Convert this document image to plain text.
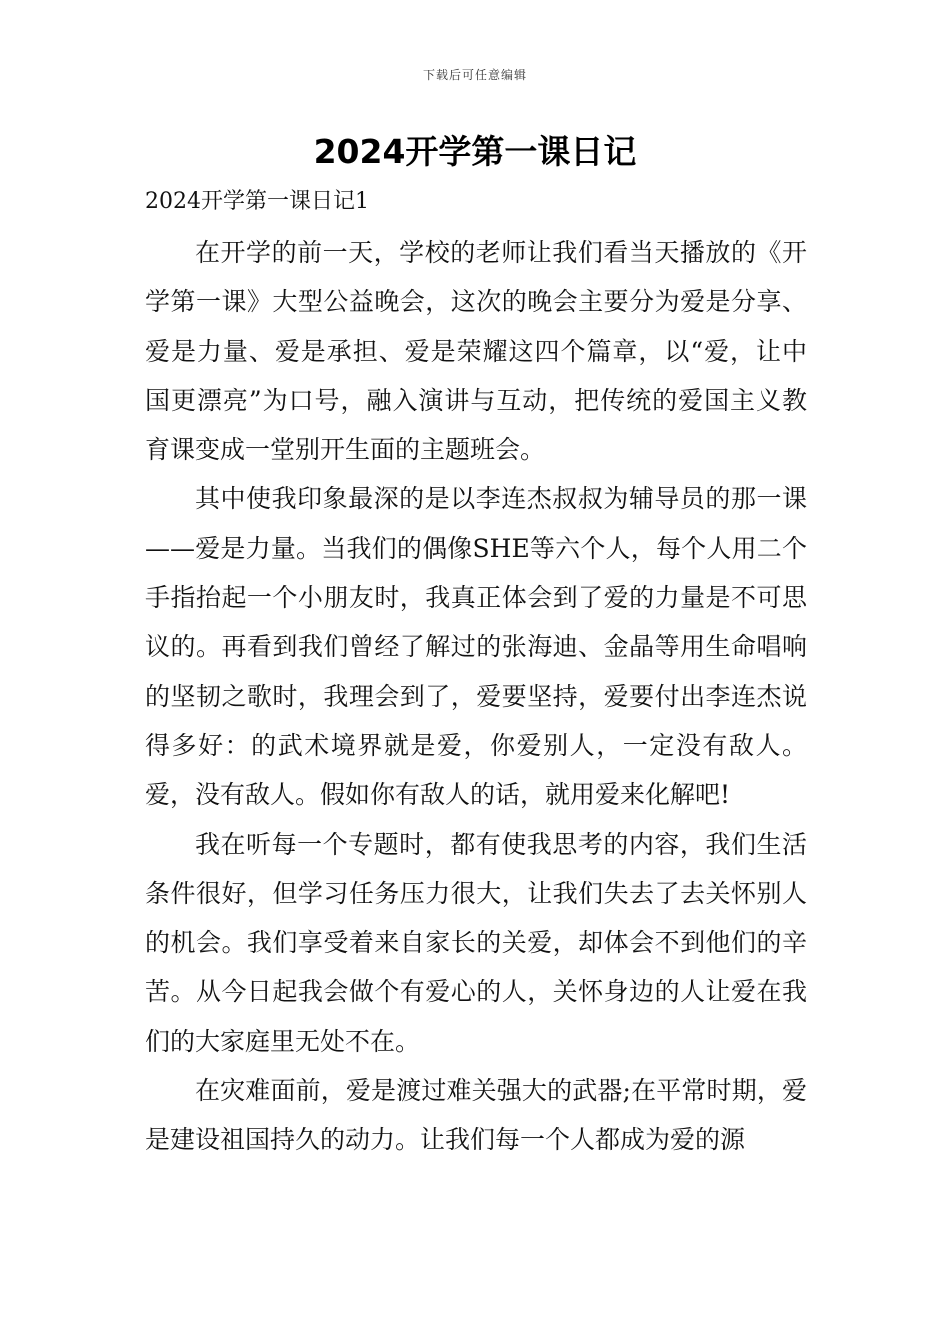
下载后可任意编辑
2024开学第一课日记
2024开学第一课日记1

在开学的前一天，学校的老师让我们看当天播放的《开学第一课》大型公益晚会，这次的晚会主要分为爱是分享、爱是力量、爱是承担、爱是荣耀这四个篇章，以“爱，让中国更漂亮”为口号，融入演讲与互动，把传统的爱国主义教育课变成一堂别开生面的主题班会。

其中使我印象最深的是以李连杰叔叔为辅导员的那一课——爱是力量。当我们的偶像SHE等六个人，每个人用二个手指抬起一个小朋友时，我真正体会到了爱的力量是不可思议的。再看到我们曾经了解过的张海迪、金晶等用生命唱响的坚韧之歌时，我理会到了，爱要坚持，爱要付出李连杰说得多好：的武术境界就是爱，你爱别人，一定没有敌人。爱，没有敌人。假如你有敌人的话，就用爱来化解吧!

我在听每一个专题时，都有使我思考的内容，我们生活条件很好，但学习任务压力很大，让我们失去了去关怀别人的机会。我们享受着来自家长的关爱，却体会不到他们的辛苦。从今日起我会做个有爱心的人，关怀身边的人让爱在我们的大家庭里无处不在。

在灾难面前，爱是渡过难关强大的武器;在平常时期，爱是建设祖国持久的动力。让我们每一个人都成为爱的源
